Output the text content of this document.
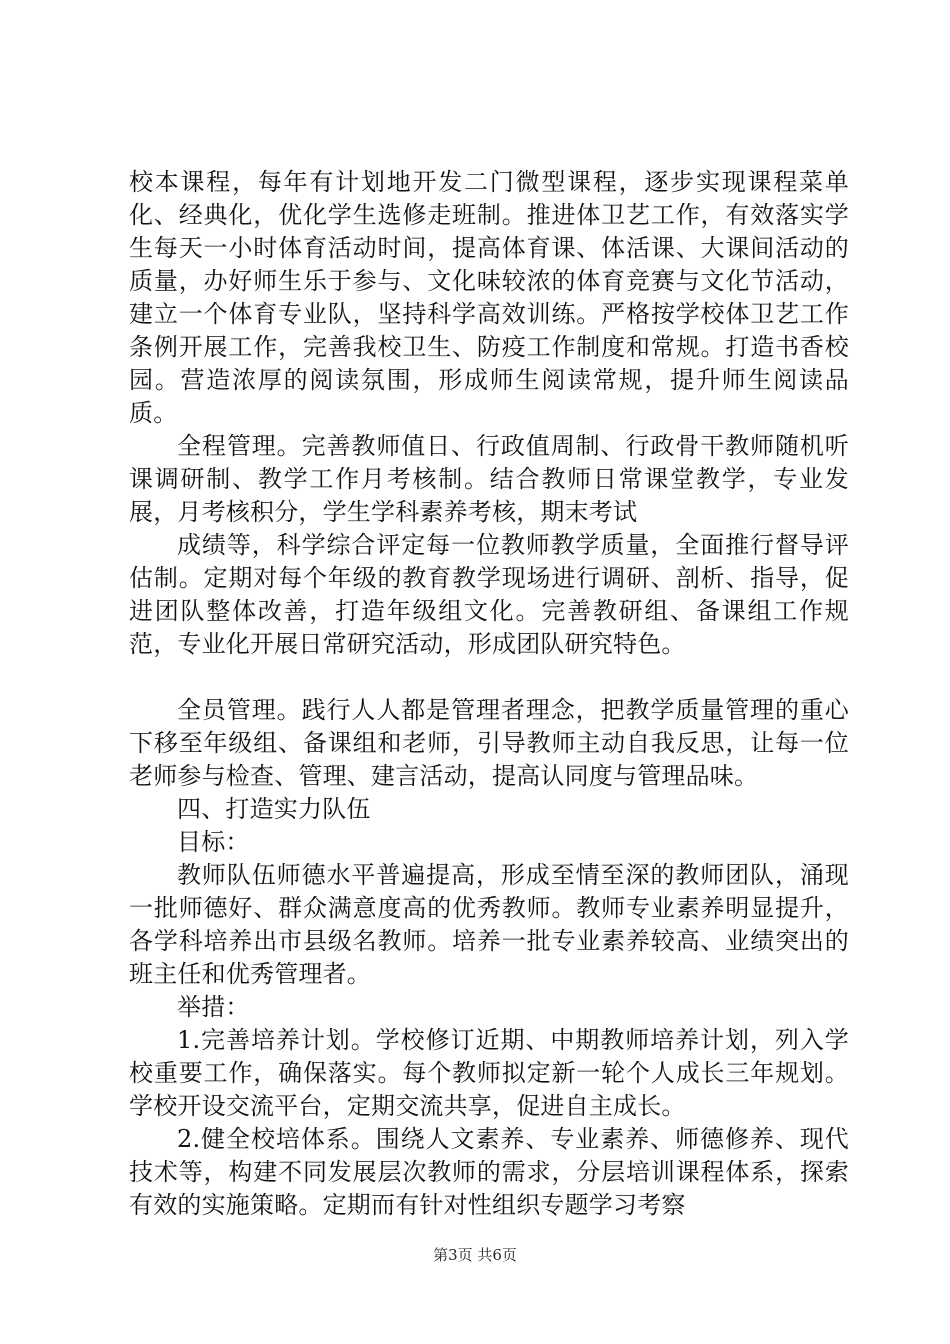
校本课程，每年有计划地开发二门微型课程，逐步实现课程菜单化、经典化，优化学生选修走班制。推进体卫艺工作，有效落实学生每天一小时体育活动时间，提高体育课、体活课、大课间活动的质量，办好师生乐于参与、文化味较浓的体育竞赛与文化节活动，建立一个体育专业队，坚持科学高效训练。严格按学校体卫艺工作条例开展工作，完善我校卫生、防疫工作制度和常规。打造书香校园。营造浓厚的阅读氛围，形成师生阅读常规，提升师生阅读品质。

全程管理。完善教师值日、行政值周制、行政骨干教师随机听课调研制、教学工作月考核制。结合教师日常课堂教学，专业发展，月考核积分，学生学科素养考核，期末考试

成绩等，科学综合评定每一位教师教学质量，全面推行督导评估制。定期对每个年级的教育教学现场进行调研、剖析、指导，促进团队整体改善，打造年级组文化。完善教研组、备课组工作规范，专业化开展日常研究活动，形成团队研究特色。

全员管理。践行人人都是管理者理念，把教学质量管理的重心下移至年级组、备课组和老师，引导教师主动自我反思，让每一位老师参与检查、管理、建言活动，提高认同度与管理品味。

四、打造实力队伍

目标：

教师队伍师德水平普遍提高，形成至情至深的教师团队，涌现一批师德好、群众满意度高的优秀教师。教师专业素养明显提升，各学科培养出市县级名教师。培养一批专业素养较高、业绩突出的班主任和优秀管理者。

举措：

1.完善培养计划。学校修订近期、中期教师培养计划，列入学校重要工作，确保落实。每个教师拟定新一轮个人成长三年规划。学校开设交流平台，定期交流共享，促进自主成长。

2.健全校培体系。围绕人文素养、专业素养、师德修养、现代技术等，构建不同发展层次教师的需求，分层培训课程体系，探索有效的实施策略。定期而有针对性组织专题学习考察

第3页 共6页
